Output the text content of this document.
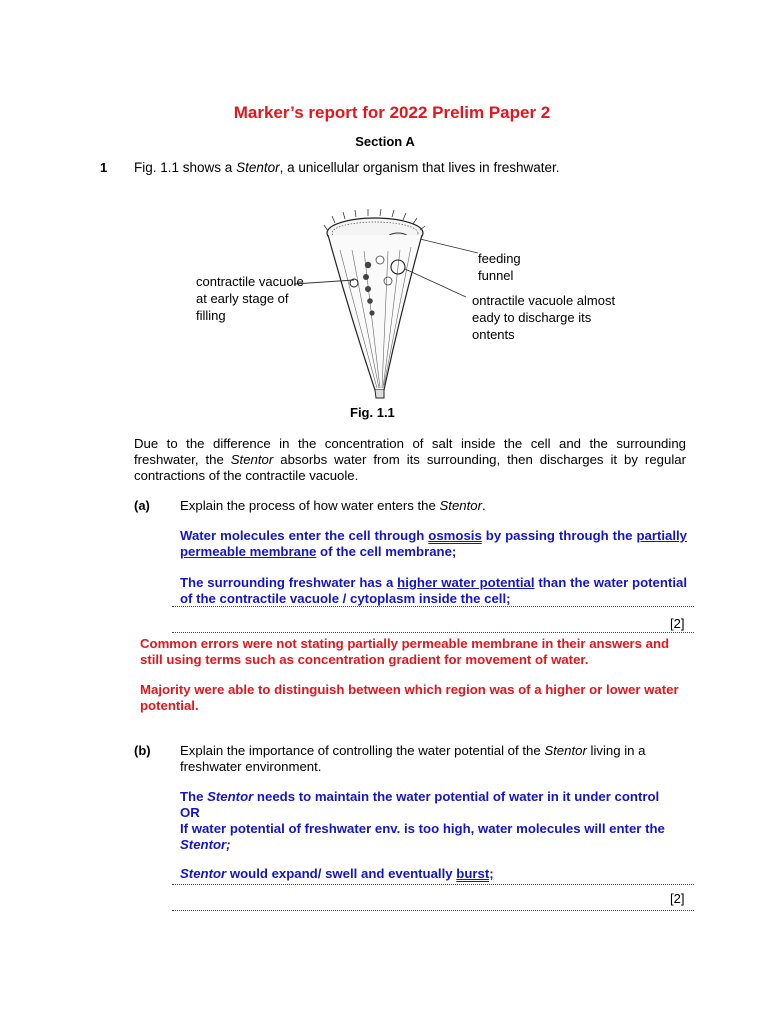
Marker’s report for 2022 Prelim Paper 2
Section A
1 Fig. 1.1 shows a Stentor, a unicellular organism that lives in freshwater.
feeding
funnel
contractile vacuole
at early stage of
filling
ontractile vacuole almost
eady to discharge its
ontents
Fig. 1.1
Due to the difference in the concentration of salt inside the cell and the surrounding freshwater, the Stentor absorbs water from its surrounding, then discharges it by regular contractions of the contractile vacuole.
(a) Explain the process of how water enters the Stentor.
Water molecules enter the cell through osmosis by passing through the partially permeable membrane of the cell membrane;
The surrounding freshwater has a higher water potential than the water potential of the contractile vacuole / cytoplasm inside the cell;
[2]
Common errors were not stating partially permeable membrane in their answers and still using terms such as concentration gradient for movement of water.
Majority were able to distinguish between which region was of a higher or lower water potential.
(b) Explain the importance of controlling the water potential of the Stentor living in a freshwater environment.
The Stentor needs to maintain the water potential of water in it under control
OR
If water potential of freshwater env. is too high, water molecules will enter the Stentor;
Stentor would expand/ swell and eventually burst;
[2]
